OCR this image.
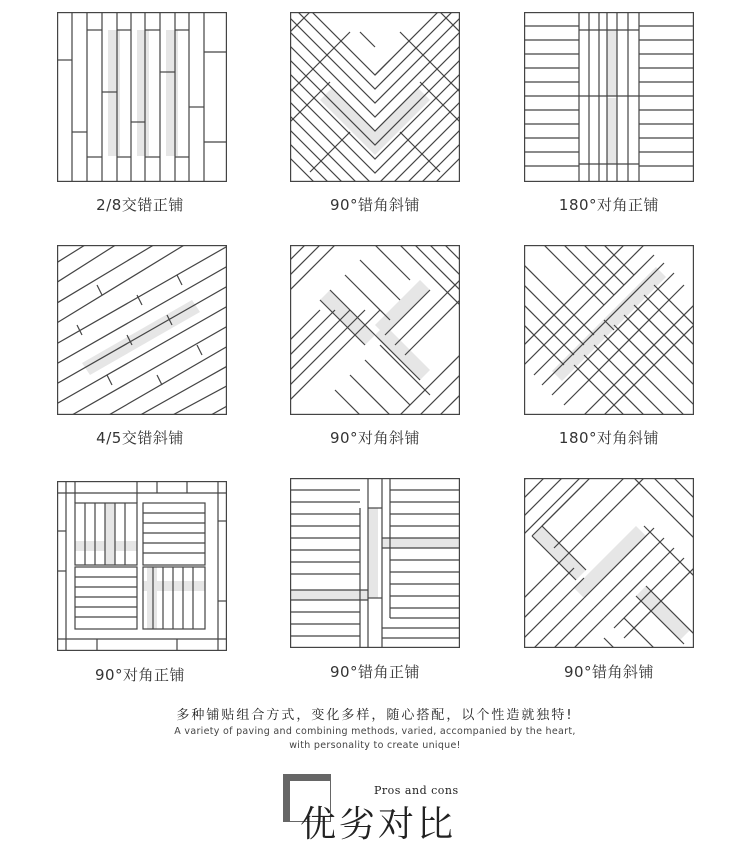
2/8交错正铺	90°错角斜铺	180°对角正铺
4/5交错斜铺	90°对角斜铺	180°对角斜铺
90°对角正铺	90°错角正铺	90°错角斜铺
多种铺贴组合方式，变化多样，随心搭配，以个性造就独特!
A variety of paving and combining methods, varied, accompanied by the heart,
with personality to create unique!
Pros and cons
优劣对比
